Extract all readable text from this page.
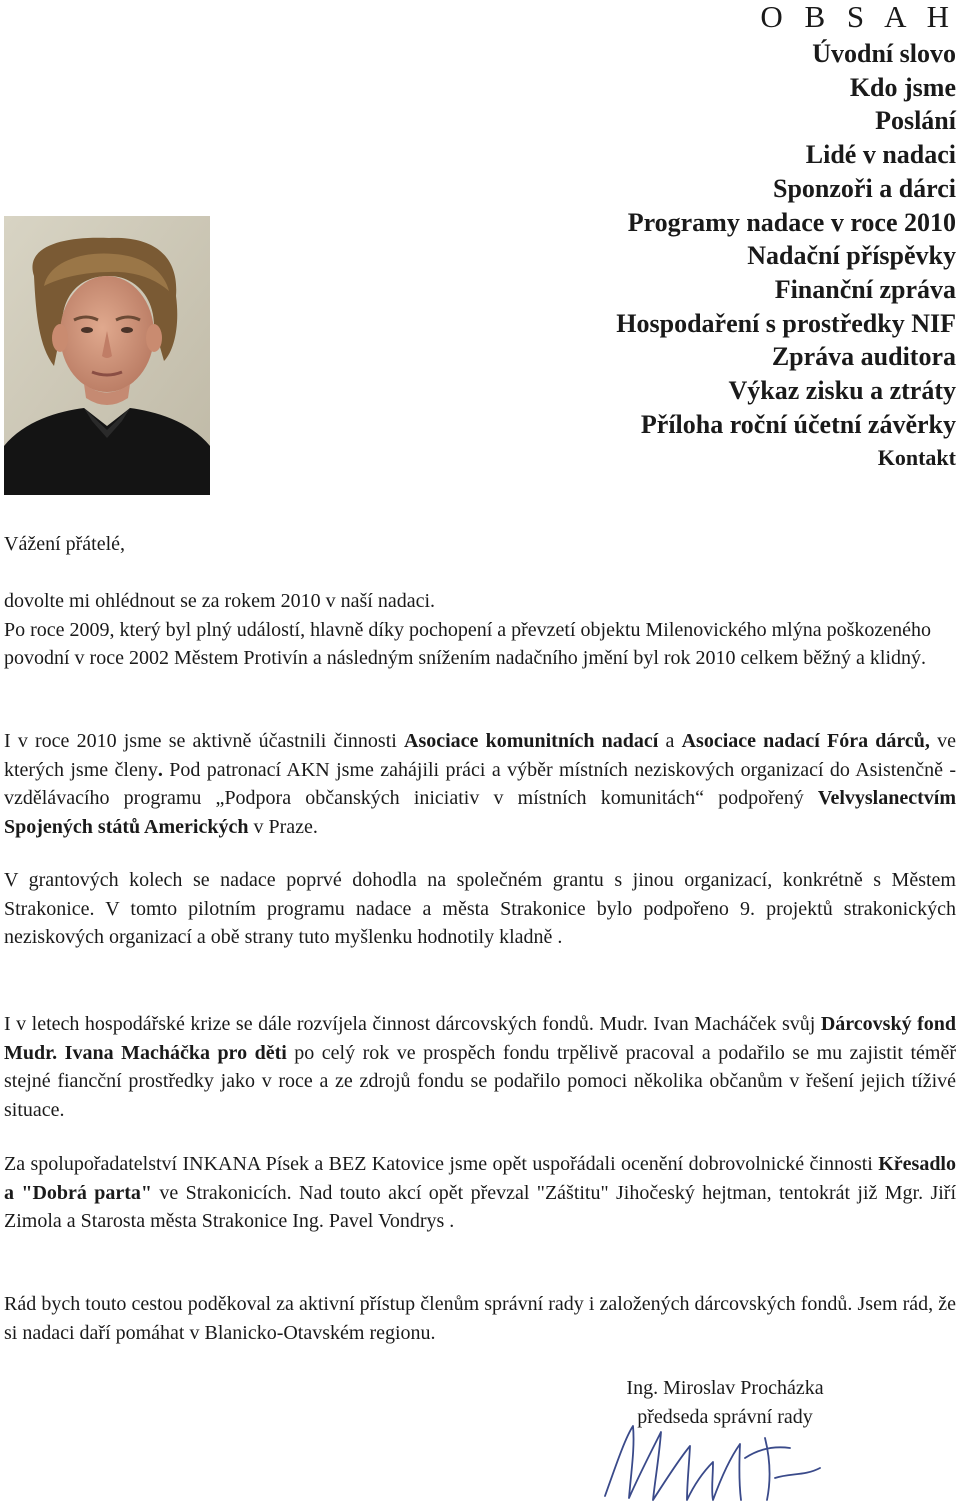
O B S A H
Úvodní slovo
Kdo jsme
Poslání
Lidé v nadaci
Sponzoři a dárci
Programy nadace v roce 2010
Nadační příspěvky
Finanční zpráva
Hospodaření s prostředky NIF
Zpráva auditora
Výkaz zisku a ztráty
Příloha roční účetní závěrky
Kontakt

Vážení přátelé,

dovolte mi ohlédnout se za rokem 2010 v naší nadaci.
Po roce 2009, který byl plný událostí, hlavně díky pochopení a převzetí objektu Milenovického mlýna poškozeného povodní v roce 2002 Městem Protivín a následným snížením nadačního jmění byl rok 2010 celkem běžný a klidný.

I v roce 2010 jsme se aktivně účastnili činnosti Asociace komunitních nadací a Asociace nadací Fóra dárců, ve kterých jsme členy. Pod patronací AKN jsme zahájili práci a výběr místních neziskových organizací do Asistenčně - vzdělávacího programu „Podpora občanských iniciativ v místních komunitách“ podpořený Velvyslanectvím Spojených států Amerických v Praze.

V grantových kolech se nadace poprvé dohodla na společném grantu s jinou organizací, konkrétně s Městem Strakonice. V tomto pilotním programu nadace a města Strakonice bylo podpořeno 9. projektů strakonických neziskových organizací a obě strany tuto myšlenku hodnotily kladně .

I v letech hospodářské krize se dále rozvíjela činnost dárcovských fondů. Mudr. Ivan Macháček svůj Dárcovský fond Mudr. Ivana Macháčka pro děti po celý rok ve prospěch fondu trpělivě pracoval a podařilo se mu zajistit téměř stejné fiancční prostředky jako v roce a ze zdrojů fondu se podařilo pomoci několika občanům v řešení jejich tíživé situace.

Za spolupořadatelství INKANA Písek a BEZ Katovice jsme opět uspořádali ocenění dobrovolnické činnosti Křesadlo a "Dobrá parta" ve Strakonicích. Nad touto akcí opět převzal "Záštitu" Jihočeský hejtman, tentokrát již Mgr. Jiří Zimola a Starosta města Strakonice Ing. Pavel Vondrys .

Rád bych touto cestou poděkoval za aktivní přístup členům správní rady i založených dárcovských fondů. Jsem rád, že si nadaci daří pomáhat v Blanicko-Otavském regionu.

Ing. Miroslav Procházka
předseda správní rady
